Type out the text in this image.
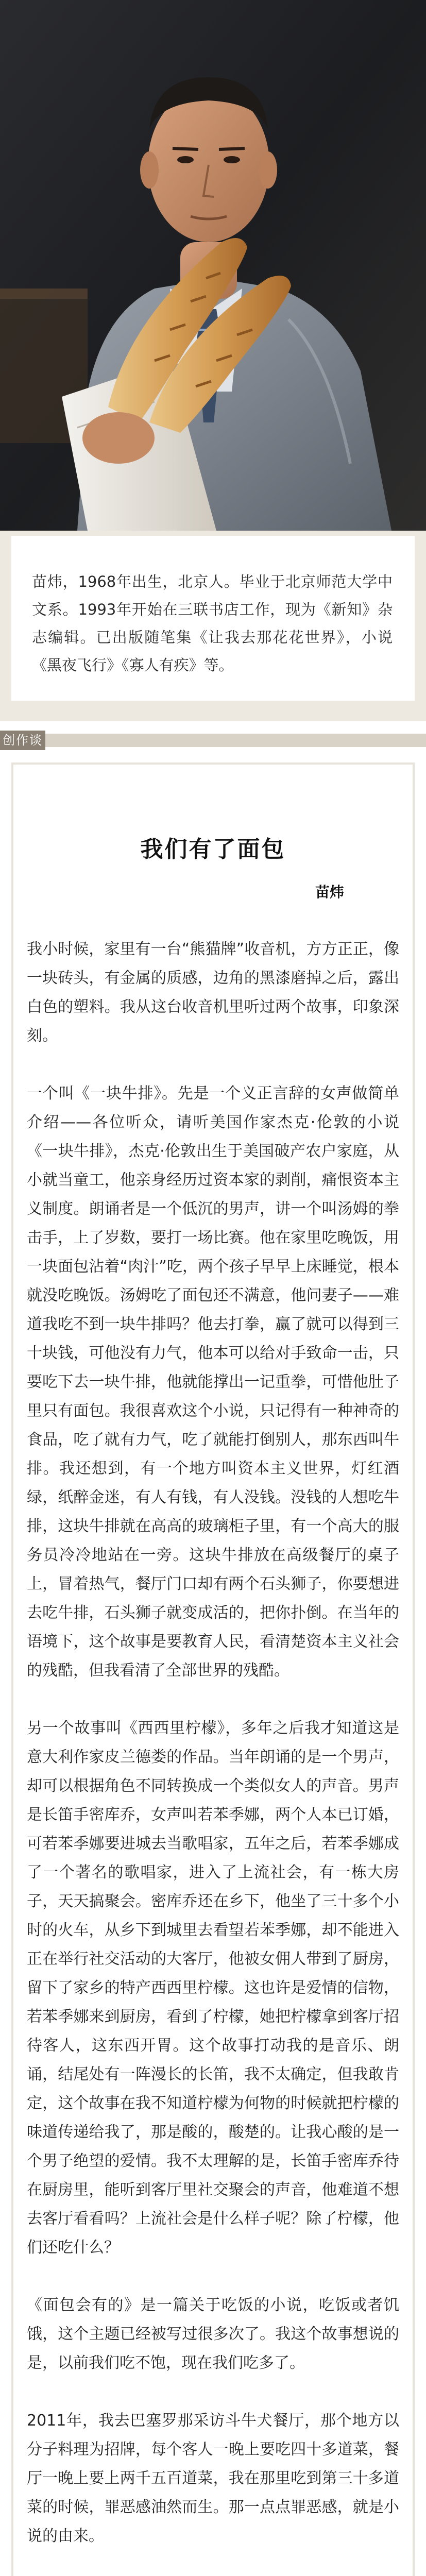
苗炜，1968年出生，北京人。毕业于北京师范大学中文系。1993年开始在三联书店工作，现为《新知》杂志编辑。已出版随笔集《让我去那花花世界》，小说《黑夜飞行》《寡人有疾》等。
创作谈
我们有了面包
苗炜

我小时候，家里有一台“熊猫牌”收音机，方方正正，像一块砖头，有金属的质感，边角的黑漆磨掉之后，露出白色的塑料。我从这台收音机里听过两个故事，印象深刻。

一个叫《一块牛排》。先是一个义正言辞的女声做简单介绍——各位听众，请听美国作家杰克·伦敦的小说《一块牛排》，杰克·伦敦出生于美国破产农户家庭，从小就当童工，他亲身经历过资本家的剥削，痛恨资本主义制度。朗诵者是一个低沉的男声，讲一个叫汤姆的拳击手，上了岁数，要打一场比赛。他在家里吃晚饭，用一块面包沾着“肉汁”吃，两个孩子早早上床睡觉，根本就没吃晚饭。汤姆吃了面包还不满意，他问妻子——难道我吃不到一块牛排吗？他去打拳，赢了就可以得到三十块钱，可他没有力气，他本可以给对手致命一击，只要吃下去一块牛排，他就能撑出一记重拳，可惜他肚子里只有面包。我很喜欢这个小说，只记得有一种神奇的食品，吃了就有力气，吃了就能打倒别人，那东西叫牛排。我还想到，有一个地方叫资本主义世界，灯红酒绿，纸醉金迷，有人有钱，有人没钱。没钱的人想吃牛排，这块牛排就在高高的玻璃柜子里，有一个高大的服务员冷冷地站在一旁。这块牛排放在高级餐厅的桌子上，冒着热气，餐厅门口却有两个石头狮子，你要想进去吃牛排，石头狮子就变成活的，把你扑倒。在当年的语境下，这个故事是要教育人民，看清楚资本主义社会的残酷，但我看清了全部世界的残酷。

另一个故事叫《西西里柠檬》，多年之后我才知道这是意大利作家皮兰德娄的作品。当年朗诵的是一个男声，却可以根据角色不同转换成一个类似女人的声音。男声是长笛手密库乔，女声叫若苯季娜，两个人本已订婚，可若苯季娜要进城去当歌唱家，五年之后，若苯季娜成了一个著名的歌唱家，进入了上流社会，有一栋大房子，天天搞聚会。密库乔还在乡下，他坐了三十多个小时的火车，从乡下到城里去看望若苯季娜，却不能进入正在举行社交活动的大客厅，他被女佣人带到了厨房，留下了家乡的特产西西里柠檬。这也许是爱情的信物，若苯季娜来到厨房，看到了柠檬，她把柠檬拿到客厅招待客人，这东西开胃。这个故事打动我的是音乐、朗诵，结尾处有一阵漫长的长笛，我不太确定，但我敢肯定，这个故事在我不知道柠檬为何物的时候就把柠檬的味道传递给我了，那是酸的，酸楚的。让我心酸的是一个男子绝望的爱情。我不太理解的是，长笛手密库乔待在厨房里，能听到客厅里社交聚会的声音，他难道不想去客厅看看吗？上流社会是什么样子呢？除了柠檬，他们还吃什么？

《面包会有的》是一篇关于吃饭的小说，吃饭或者饥饿，这个主题已经被写过很多次了。我这个故事想说的是，以前我们吃不饱，现在我们吃多了。

2011年，我去巴塞罗那采访斗牛犬餐厅，那个地方以分子料理为招牌，每个客人一晚上要吃四十多道菜，餐厅一晚上要上两千五百道菜，我在那里吃到第三十多道菜的时候，罪恶感油然而生。那一点点罪恶感，就是小说的由来。
